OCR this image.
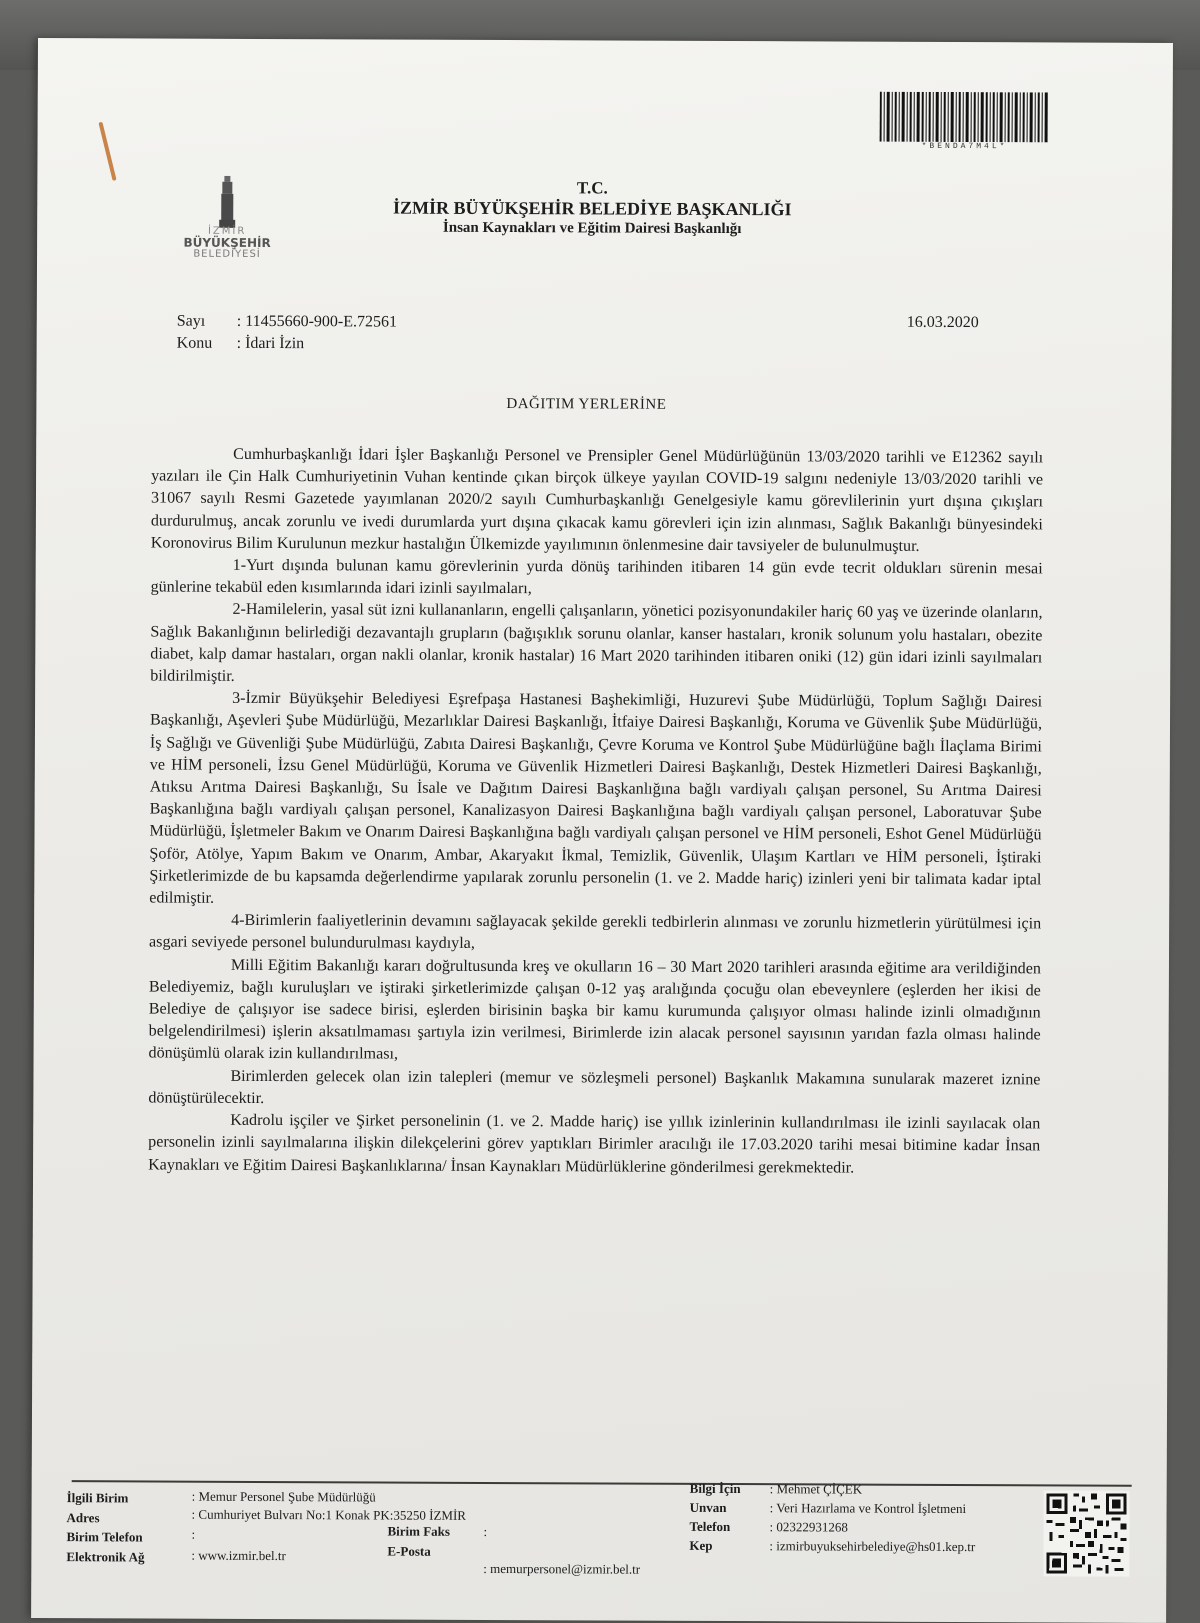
*BENDA7M4L*
İZMİR
BÜYÜKŞEHİR
BELEDİYESİ
T.C.
İZMİR BÜYÜKŞEHİR BELEDİYE BAŞKANLIĞI
İnsan Kaynakları ve Eğitim Dairesi Başkanlığı
Sayı : 11455660-900-E.72561
Konu : İdari İzin
16.03.2020
DAĞITIM YERLERİNE

Cumhurbaşkanlığı İdari İşler Başkanlığı Personel ve Prensipler Genel Müdürlüğünün 13/03/2020 tarihli ve E12362 sayılı yazıları ile Çin Halk Cumhuriyetinin Vuhan kentinde çıkan birçok ülkeye yayılan COVID-19 salgını nedeniyle 13/03/2020 tarihli ve 31067 sayılı Resmi Gazetede yayımlanan 2020/2 sayılı Cumhurbaşkanlığı Genelgesiyle kamu görevlilerinin yurt dışına çıkışları durdurulmuş, ancak zorunlu ve ivedi durumlarda yurt dışına çıkacak kamu görevleri için izin alınması, Sağlık Bakanlığı bünyesindeki Koronovirus Bilim Kurulunun mezkur hastalığın Ülkemizde yayılımının önlenmesine dair tavsiyeler de bulunulmuştur.

1-Yurt dışında bulunan kamu görevlerinin yurda dönüş tarihinden itibaren 14 gün evde tecrit oldukları sürenin mesai günlerine tekabül eden kısımlarında idari izinli sayılmaları,

2-Hamilelerin, yasal süt izni kullananların, engelli çalışanların, yönetici pozisyonundakiler hariç 60 yaş ve üzerinde olanların, Sağlık Bakanlığının belirlediği dezavantajlı grupların (bağışıklık sorunu olanlar, kanser hastaları, kronik solunum yolu hastaları, obezite diabet, kalp damar hastaları, organ nakli olanlar, kronik hastalar) 16 Mart 2020 tarihinden itibaren oniki (12) gün idari izinli sayılmaları bildirilmiştir.

3-İzmir Büyükşehir Belediyesi Eşrefpaşa Hastanesi Başhekimliği, Huzurevi Şube Müdürlüğü, Toplum Sağlığı Dairesi Başkanlığı, Aşevleri Şube Müdürlüğü, Mezarlıklar Dairesi Başkanlığı, İtfaiye Dairesi Başkanlığı, Koruma ve Güvenlik Şube Müdürlüğü, İş Sağlığı ve Güvenliği Şube Müdürlüğü, Zabıta Dairesi Başkanlığı, Çevre Koruma ve Kontrol Şube Müdürlüğüne bağlı İlaçlama Birimi ve HİM personeli, İzsu Genel Müdürlüğü, Koruma ve Güvenlik Hizmetleri Dairesi Başkanlığı, Destek Hizmetleri Dairesi Başkanlığı, Atıksu Arıtma Dairesi Başkanlığı, Su İsale ve Dağıtım Dairesi Başkanlığına bağlı vardiyalı çalışan personel, Su Arıtma Dairesi Başkanlığına bağlı vardiyalı çalışan personel, Kanalizasyon Dairesi Başkanlığına bağlı vardiyalı çalışan personel, Laboratuvar Şube Müdürlüğü, İşletmeler Bakım ve Onarım Dairesi Başkanlığına bağlı vardiyalı çalışan personel ve HİM personeli, Eshot Genel Müdürlüğü Şoför, Atölye, Yapım Bakım ve Onarım, Ambar, Akaryakıt İkmal, Temizlik, Güvenlik, Ulaşım Kartları ve HİM personeli, İştiraki Şirketlerimizde de bu kapsamda değerlendirme yapılarak zorunlu personelin (1. ve 2. Madde hariç) izinleri yeni bir talimata kadar iptal edilmiştir.

4-Birimlerin faaliyetlerinin devamını sağlayacak şekilde gerekli tedbirlerin alınması ve zorunlu hizmetlerin yürütülmesi için asgari seviyede personel bulundurulması kaydıyla,

Milli Eğitim Bakanlığı kararı doğrultusunda kreş ve okulların 16 – 30 Mart 2020 tarihleri arasında eğitime ara verildiğinden Belediyemiz, bağlı kuruluşları ve iştiraki şirketlerimizde çalışan 0-12 yaş aralığında çocuğu olan ebeveynlere (eşlerden her ikisi de Belediye de çalışıyor ise sadece birisi, eşlerden birisinin başka bir kamu kurumunda çalışıyor olması halinde izinli olmadığının belgelendirilmesi) işlerin aksatılmaması şartıyla izin verilmesi, Birimlerde izin alacak personel sayısının yarıdan fazla olması halinde dönüşümlü olarak izin kullandırılması,

Birimlerden gelecek olan izin talepleri (memur ve sözleşmeli personel) Başkanlık Makamına sunularak mazeret iznine dönüştürülecektir.

Kadrolu işçiler ve Şirket personelinin (1. ve 2. Madde hariç) ise yıllık izinlerinin kullandırılması ile izinli sayılacak olan personelin izinli sayılmalarına ilişkin dilekçelerini görev yaptıkları Birimler aracılığı ile 17.03.2020 tarihi mesai bitimine kadar İnsan Kaynakları ve Eğitim Dairesi Başkanlıklarına/ İnsan Kaynakları Müdürlüklerine gönderilmesi gerekmektedir.

İlgili Birim	: Memur Personel Şube Müdürlüğü
Adres	: Cumhuriyet Bulvarı No:1 Konak PK:35250 İZMİR
Birim Telefon	:	Birim Faks	:
Elektronik Ağ	: www.izmir.bel.tr	E-Posta
: memurpersonel@izmir.bel.tr
Bilgi İçin : Mehmet ÇİÇEK
Unvan	: Veri Hazırlama ve Kontrol İşletmeni
Telefon	: 02322931268
Kep	: izmirbuyuksehirbelediye@hs01.kep.tr
